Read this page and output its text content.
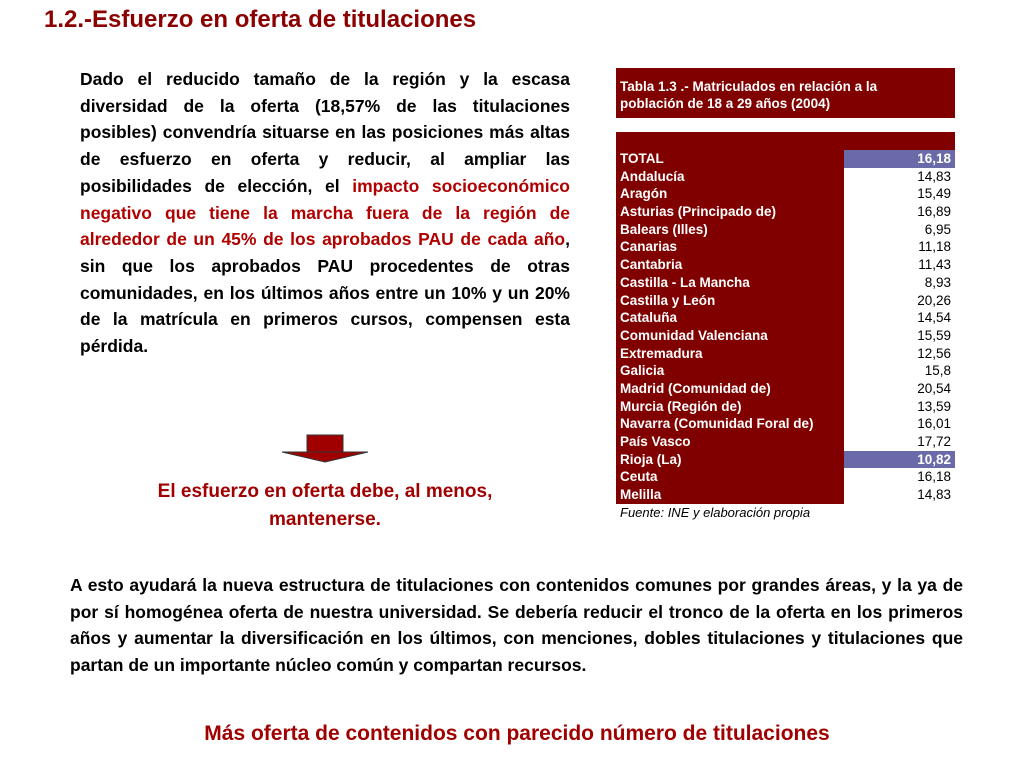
1.2.-Esfuerzo en oferta de titulaciones
Dado el reducido tamaño de la región y la escasa diversidad de la oferta (18,57% de las titulaciones posibles) convendría situarse en las posiciones más altas de esfuerzo en oferta y reducir, al ampliar las posibilidades de elección, el impacto socioeconómico negativo que tiene la marcha fuera de la región de alrededor de un 45% de los aprobados PAU de cada año, sin que los aprobados PAU procedentes de otras comunidades, en los últimos años entre un 10% y un 20% de la matrícula en primeros cursos, compensen esta pérdida.
El esfuerzo en oferta debe, al menos, mantenerse.
Tabla 1.3 .- Matriculados en relación a la
población de 18 a 29 años (2004)
TOTAL	16,18
Andalucía	14,83
Aragón	15,49
Asturias (Principado de)	16,89
Balears (Illes)	6,95
Canarias	11,18
Cantabria	11,43
Castilla - La Mancha	8,93
Castilla y León	20,26
Cataluña	14,54
Comunidad Valenciana	15,59
Extremadura	12,56
Galicia	15,8
Madrid (Comunidad de)	20,54
Murcia (Región de)	13,59
Navarra (Comunidad Foral de)	16,01
País Vasco	17,72
Rioja (La)	10,82
Ceuta	16,18
Melilla	14,83
Fuente: INE y elaboración propia
A esto ayudará la nueva estructura de titulaciones con contenidos comunes por grandes áreas, y la ya de por sí homogénea oferta de nuestra universidad. Se debería reducir el tronco de la oferta en los primeros años y aumentar la diversificación en los últimos, con menciones, dobles titulaciones y titulaciones que partan de un importante núcleo común y compartan recursos.
Más oferta de contenidos con parecido número de titulaciones
